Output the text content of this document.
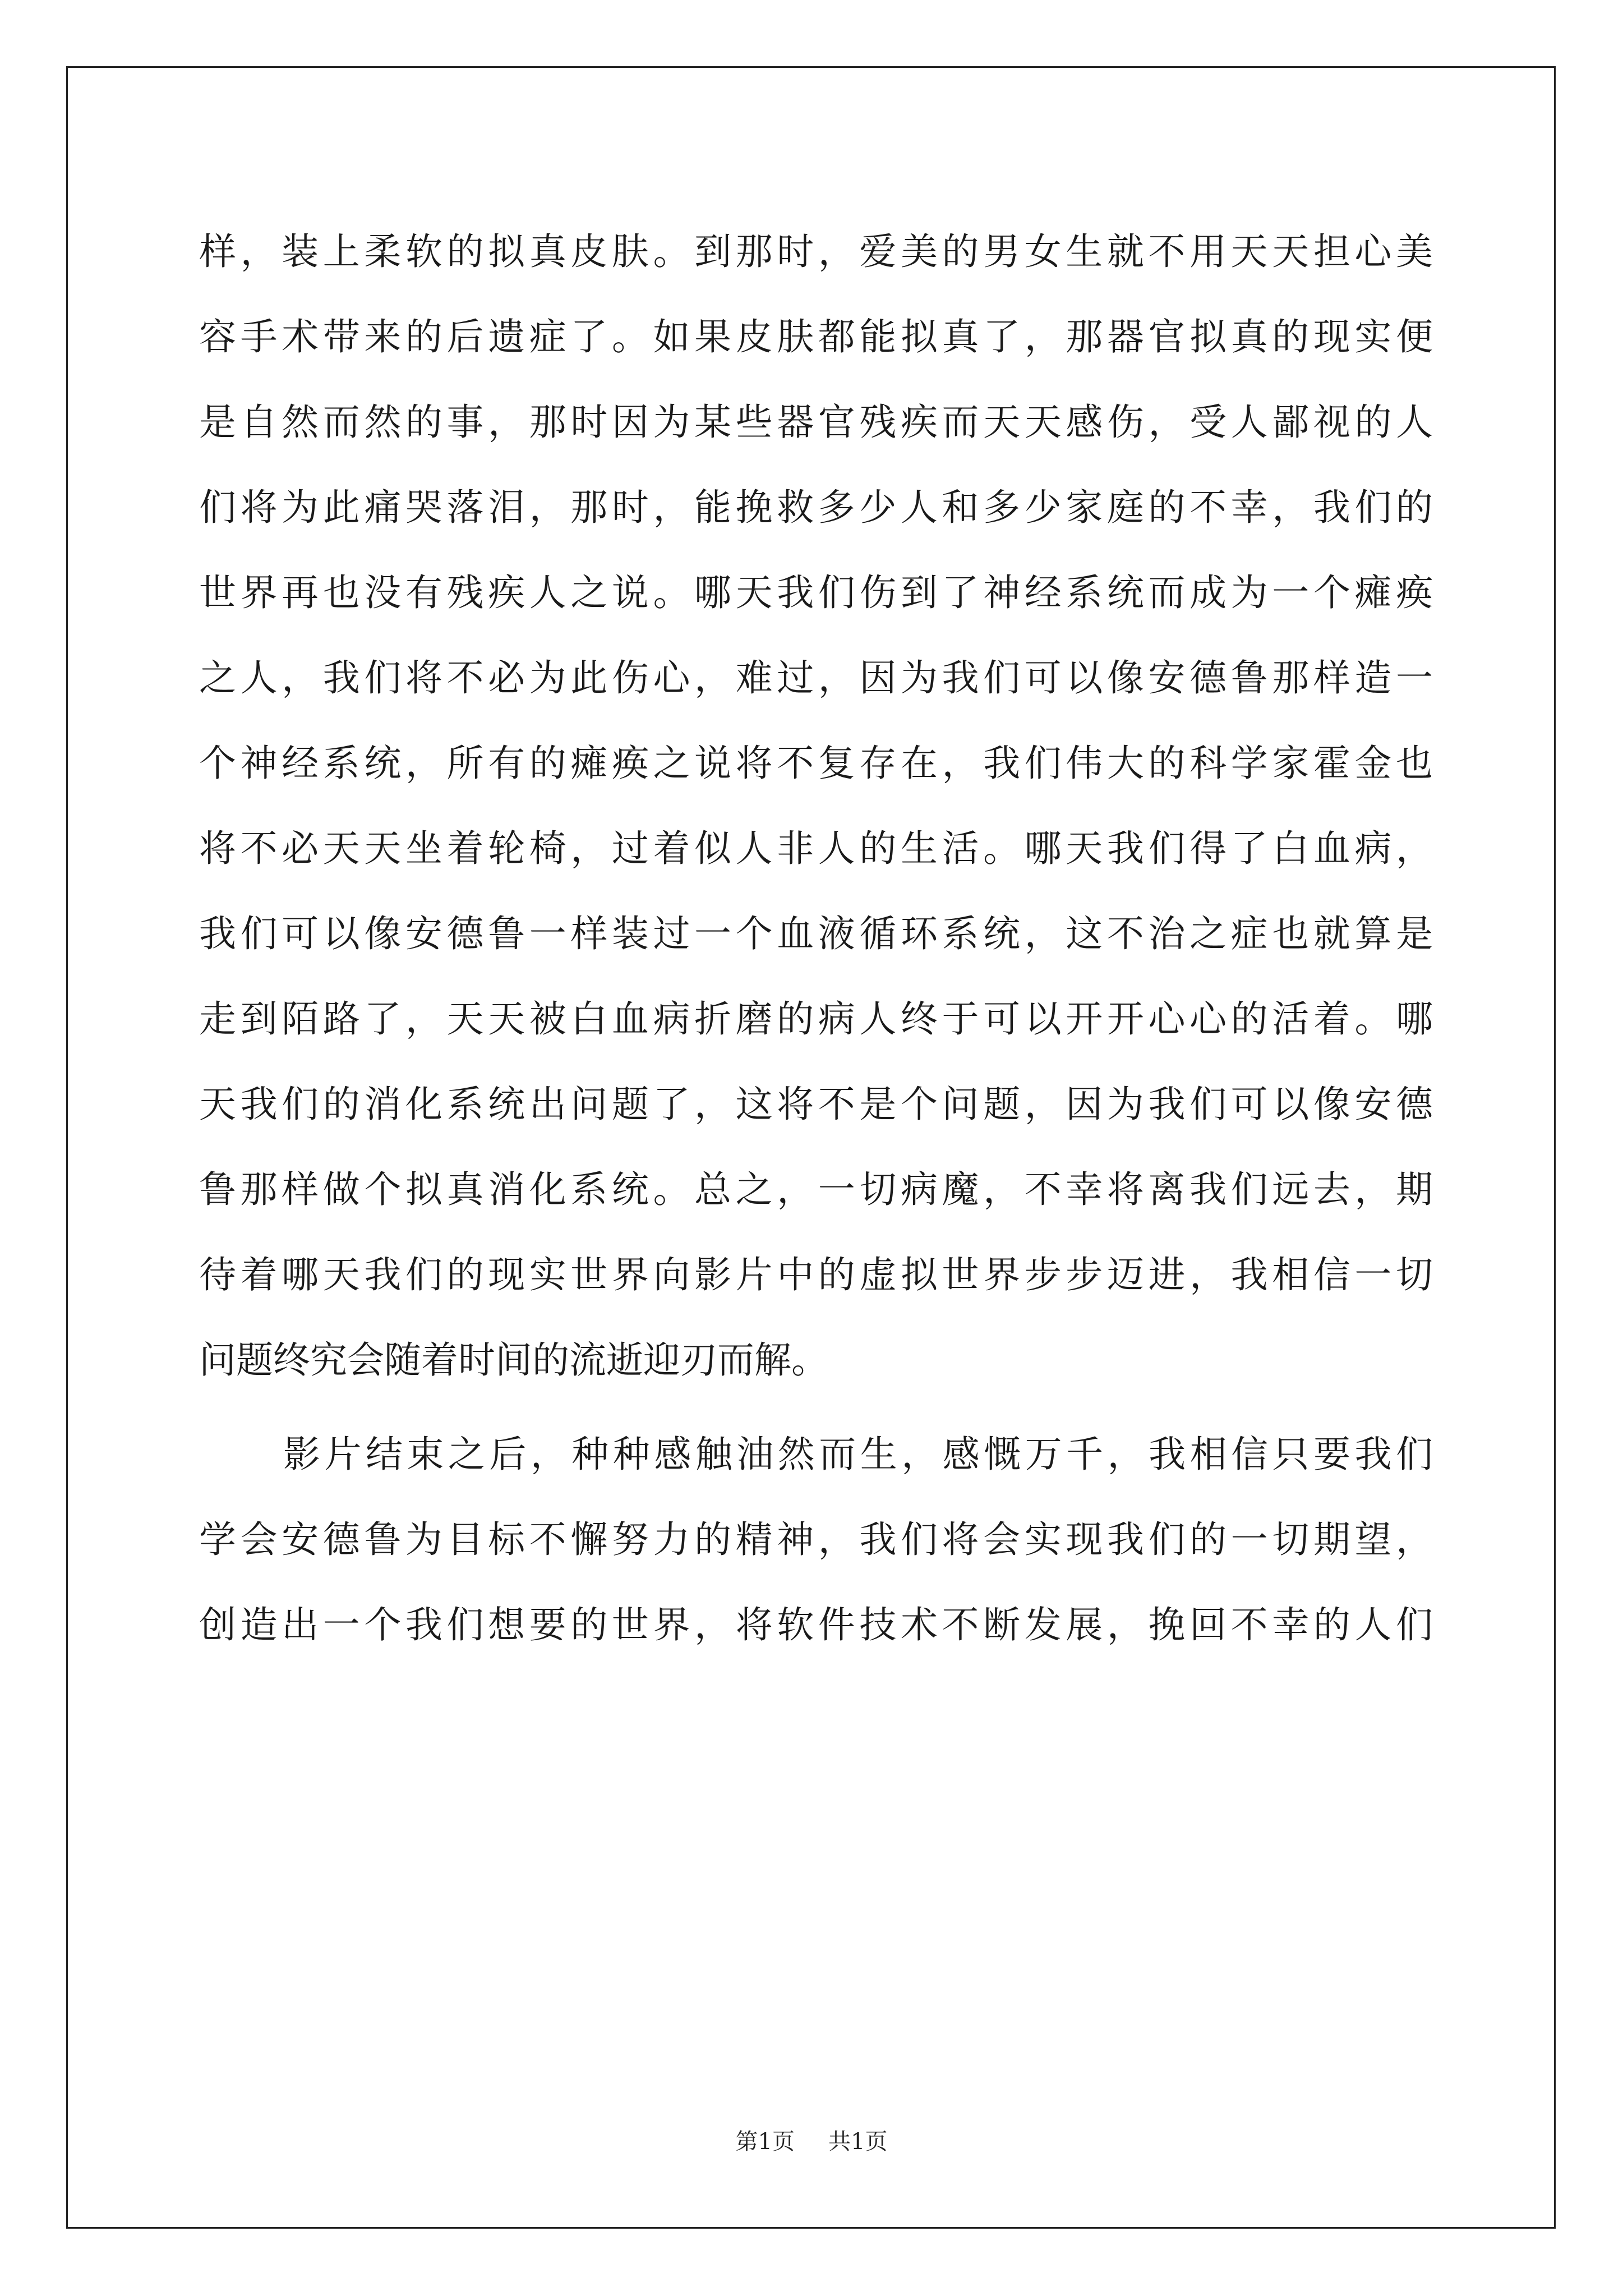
样，装上柔软的拟真皮肤。到那时，爱美的男女生就不用天天担心美
容手术带来的后遗症了。如果皮肤都能拟真了，那器官拟真的现实便
是自然而然的事，那时因为某些器官残疾而天天感伤，受人鄙视的人
们将为此痛哭落泪，那时，能挽救多少人和多少家庭的不幸，我们的
世界再也没有残疾人之说。哪天我们伤到了神经系统而成为一个瘫痪
之人，我们将不必为此伤心，难过，因为我们可以像安德鲁那样造一
个神经系统，所有的瘫痪之说将不复存在，我们伟大的科学家霍金也
将不必天天坐着轮椅，过着似人非人的生活。哪天我们得了白血病，
我们可以像安德鲁一样装过一个血液循环系统，这不治之症也就算是
走到陌路了，天天被白血病折磨的病人终于可以开开心心的活着。哪
天我们的消化系统出问题了，这将不是个问题，因为我们可以像安德
鲁那样做个拟真消化系统。总之，一切病魔，不幸将离我们远去，期
待着哪天我们的现实世界向影片中的虚拟世界步步迈进，我相信一切
问题终究会随着时间的流逝迎刃而解。
影片结束之后，种种感触油然而生，感慨万千，我相信只要我们
学会安德鲁为目标不懈努力的精神，我们将会实现我们的一切期望，
创造出一个我们想要的世界，将软件技术不断发展，挽回不幸的人们
第1页 共1页
